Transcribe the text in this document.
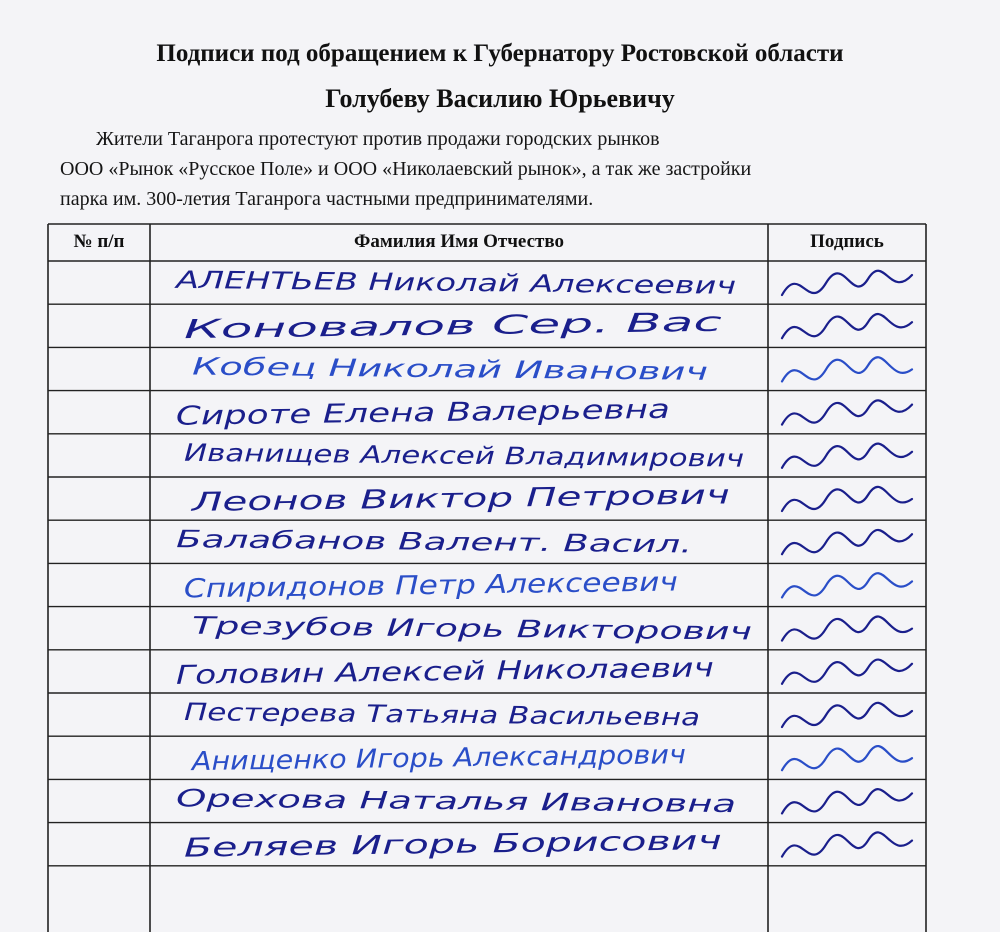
Подписи под обращением к Губернатору Ростовской области
Голубеву Василию Юрьевичу
Жители Таганрога протестуют против продажи городских рынков
ООО «Рынок «Русское Поле» и ООО «Николаевский рынок», а так же застройки
парка им. 300-летия Таганрога частными предпринимателями.
№ п/п	Фамилия Имя Отчество	Подпись
АЛЕНТЬЕВ Николай Алексеевич
Коновалов Сер. Вас
Кобец Николай Иванович
Сироте Елена Валерьевна
Иванищев Алексей Владимирович
Леонов Виктор Петрович
Балабанов Валент. Васил.
Спиридонов Петр Алексеевич
Трезубов Игорь Викторович
Головин Алексей Николаевич
Пестерева Татьяна Васильевна
Анищенко Игорь Александрович
Орехова Наталья Ивановна
Беляев Игорь Борисович
